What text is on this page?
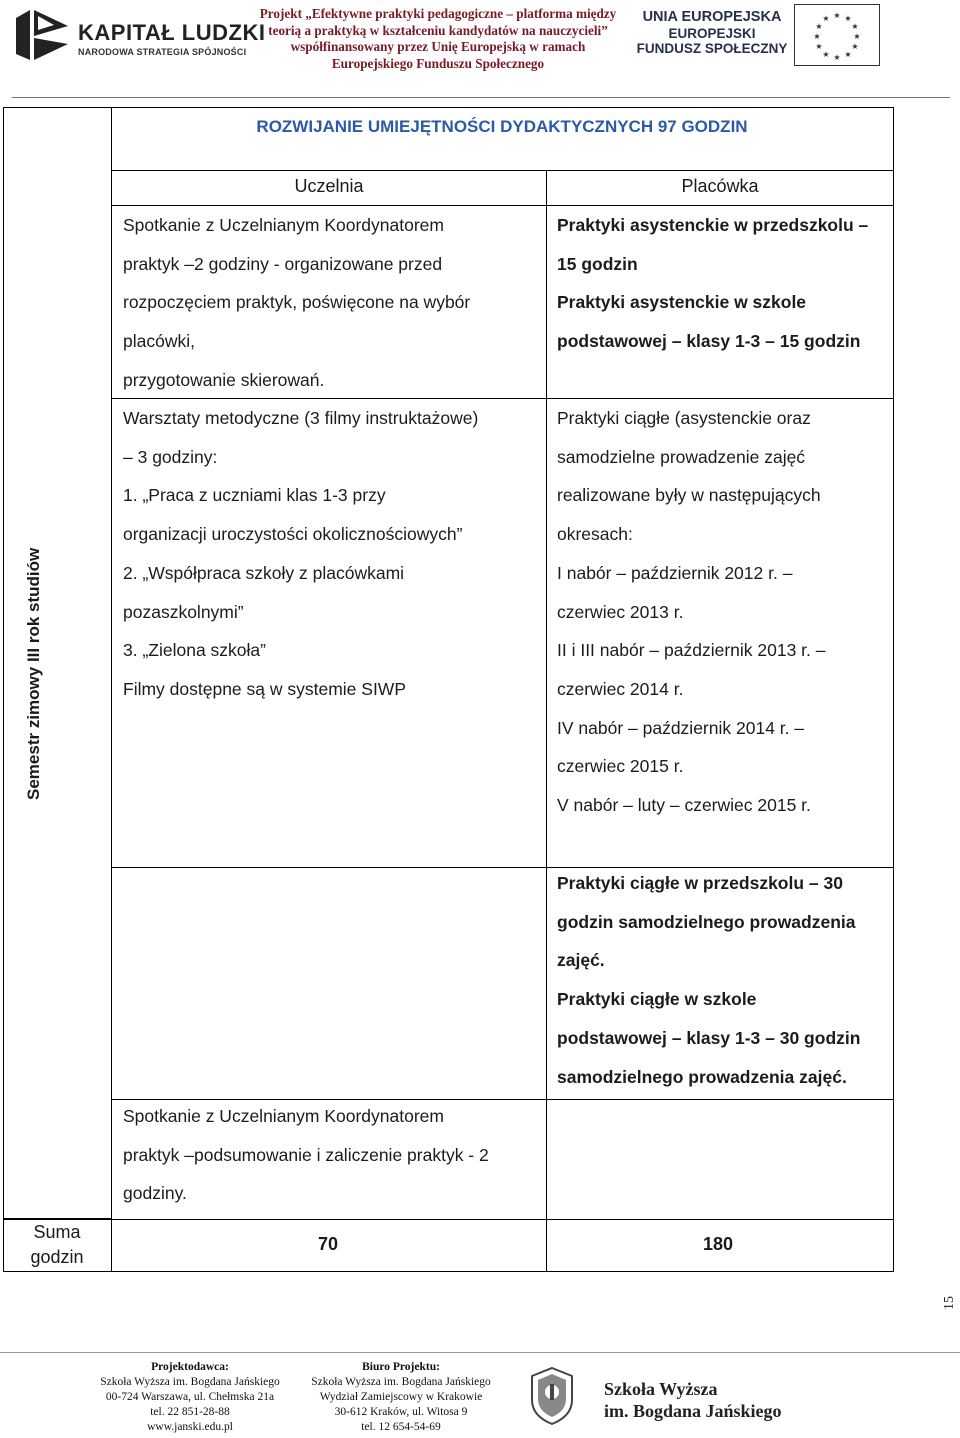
KAPITAŁ LUDZKI
NARODOWA STRATEGIA SPÓJNOŚCI
Projekt „Efektywne praktyki pedagogiczne – platforma między
teorią a praktyką w kształceniu kandydatów na nauczycieli”
współfinansowany przez Unię Europejską w ramach
Europejskiego Funduszu Społecznego
UNIA EUROPEJSKA
EUROPEJSKI
FUNDUSZ SPOŁECZNY
★ ★
★
★
★
★
★
★
★
★
★
★
ROZWIJANIE UMIEJĘTNOŚCI DYDAKTYCZNYCH 97 GODZIN
Semestr zimowy III rok studiów
Uczelnia	Placówka
Spotkanie z Uczelnianym Koordynatorem
praktyk –2 godziny - organizowane przed
rozpoczęciem praktyk, poświęcone na wybór
placówki,
przygotowanie skierowań.
Warsztaty metodyczne (3 filmy instruktażowe)
– 3 godziny:
1. „Praca z uczniami klas 1-3 przy
organizacji uroczystości okolicznościowych”
2. „Współpraca szkoły z placówkami
pozaszkolnymi”
3. „Zielona szkoła”
Filmy dostępne są w systemie SIWP
Praktyki asystenckie w przedszkolu –
15 godzin
Praktyki asystenckie w szkole
podstawowej – klasy 1-3 – 15 godzin
Praktyki ciągłe (asystenckie oraz
samodzielne prowadzenie zajęć
realizowane były w następujących
okresach:
I nabór – październik 2012 r. –
czerwiec 2013 r.
II i III nabór – październik 2013 r. –
czerwiec 2014 r.
IV nabór – październik 2014 r. –
czerwiec 2015 r.
V nabór – luty – czerwiec 2015 r.
Praktyki ciągłe w przedszkolu – 30
godzin samodzielnego prowadzenia
zajęć.
Praktyki ciągłe w szkole
podstawowej – klasy 1-3 – 30 godzin
samodzielnego prowadzenia zajęć.
Spotkanie z Uczelnianym Koordynatorem
praktyk –podsumowanie i zaliczenie praktyk - 2
godziny.
Suma
godzin
70	180
15
Projektodawca:
Szkoła Wyższa im. Bogdana Jańskiego
00-724 Warszawa, ul. Chełmska 21a
tel. 22 851-28-88
www.janski.edu.pl
Biuro Projektu:
Szkoła Wyższa im. Bogdana Jańskiego
Wydział Zamiejscowy w Krakowie
30-612 Kraków, ul. Witosa 9
tel. 12 654-54-69
Szkoła Wyższa
im. Bogdana Jańskiego
